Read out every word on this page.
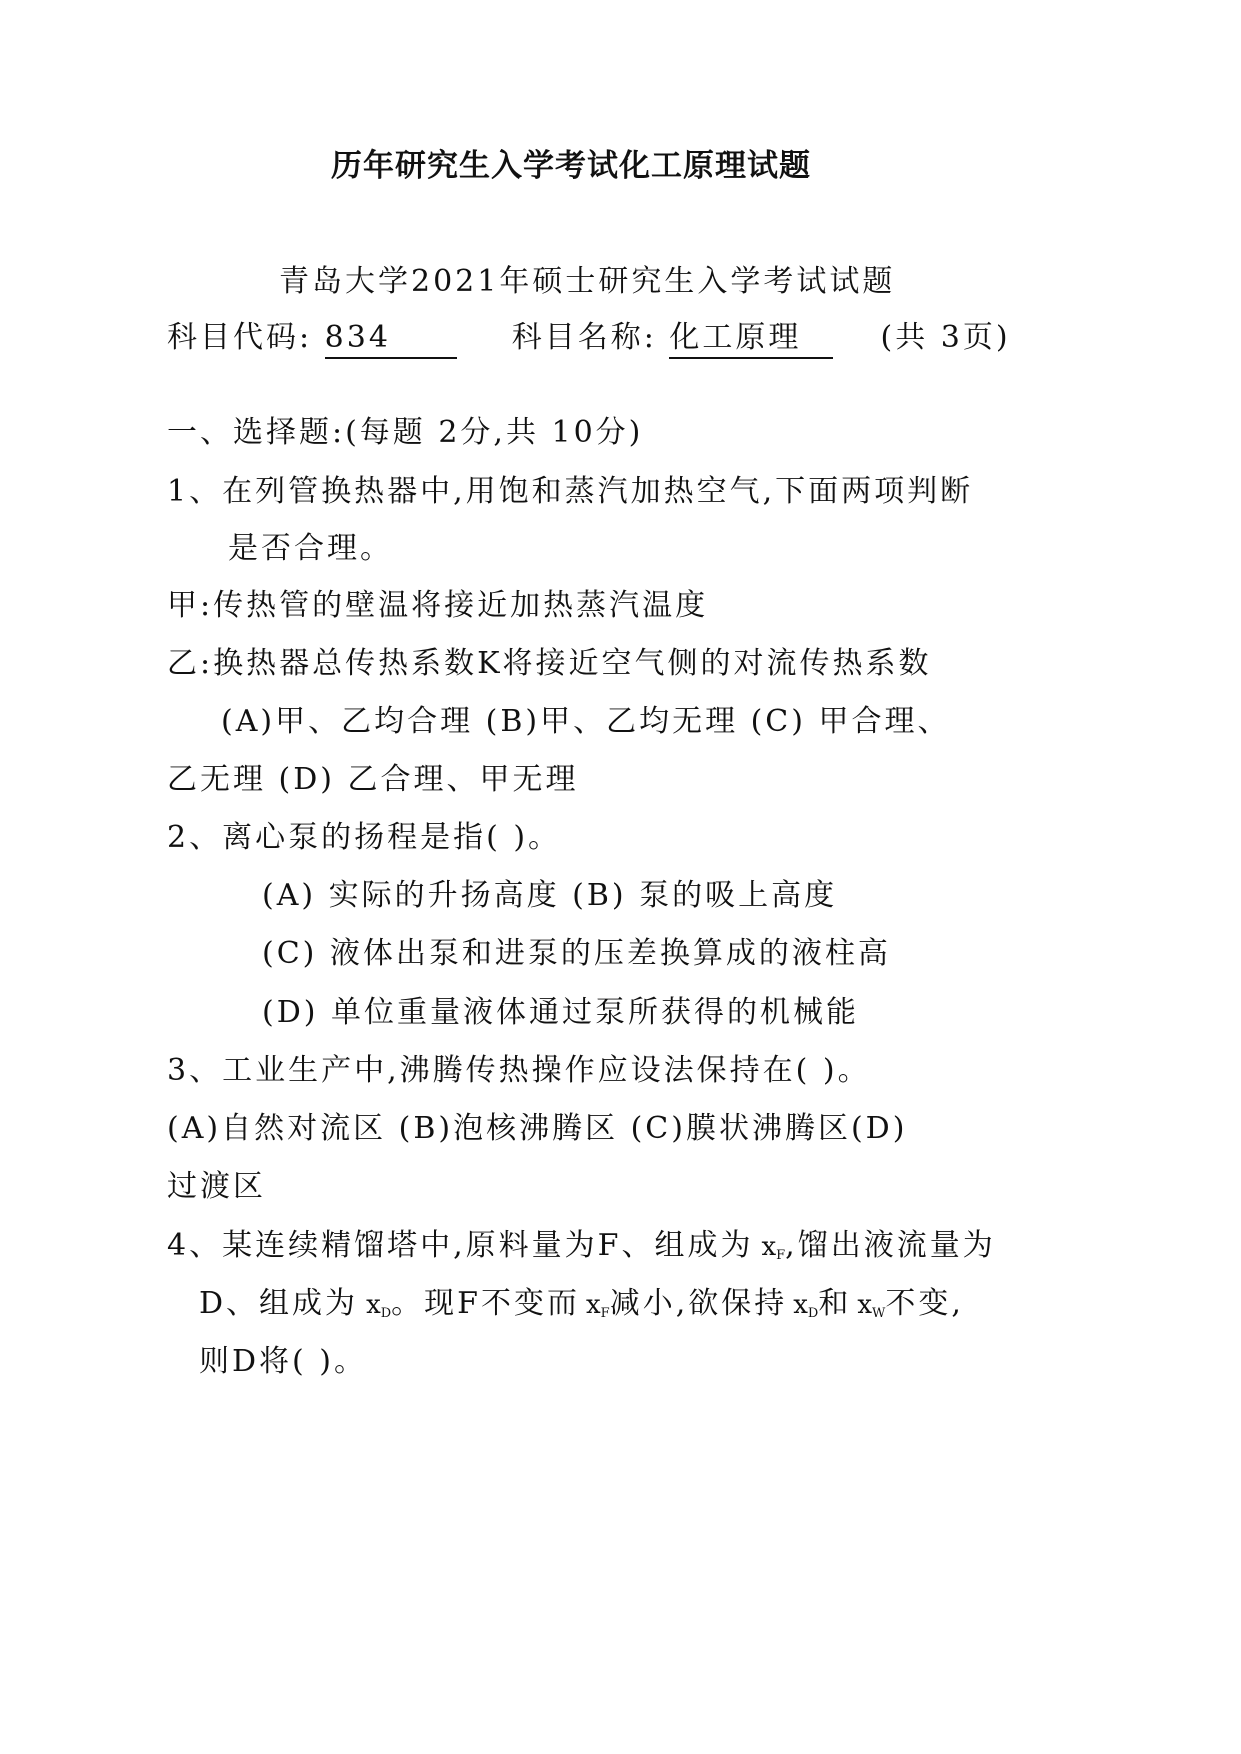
历年研究生入学考试化工原理试题
青岛大学2021年硕士研究生入学考试试题
科目代码: 834	科目名称: 化工原理	(共 3页)
一、选择题:(每题 2分,共 10分)
1、在列管换热器中,用饱和蒸汽加热空气,下面两项判断
是否合理。
甲:传热管的壁温将接近加热蒸汽温度
乙:换热器总传热系数K将接近空气侧的对流传热系数
(A)甲、乙均合理 (B)甲、乙均无理 (C) 甲合理、
乙无理 (D) 乙合理、甲无理
2、离心泵的扬程是指( )。
(A) 实际的升扬高度 (B) 泵的吸上高度
(C) 液体出泵和进泵的压差换算成的液柱高
(D) 单位重量液体通过泵所获得的机械能
3、工业生产中,沸腾传热操作应设法保持在( )。
(A)自然对流区 (B)泡核沸腾区 (C)膜状沸腾区(D)
过渡区
4、某连续精馏塔中,原料量为F、组成为 $x_F$,馏出液流量为
D、组成为 $x_D$。现F不变而 $x_F$减小,欲保持 $x_D$和 $x_W$不变,
则D将( )。
